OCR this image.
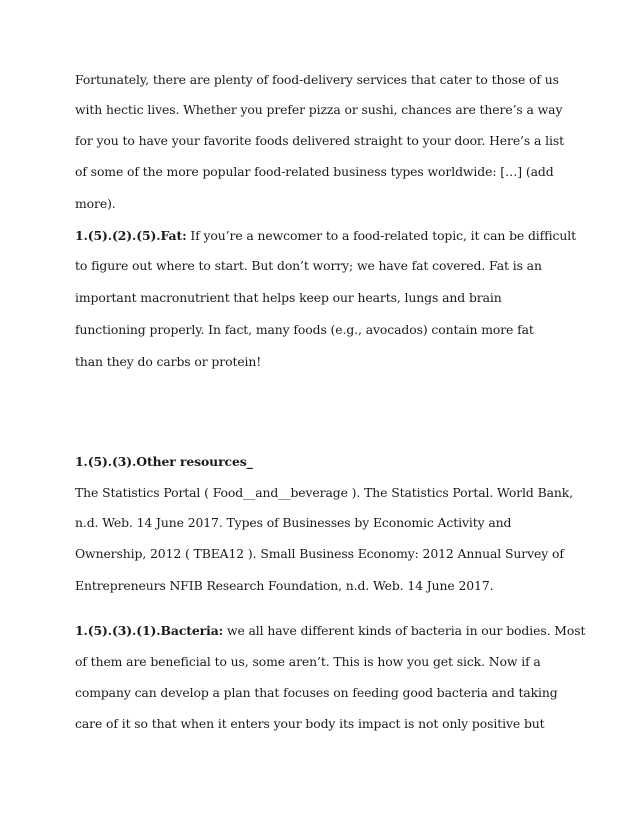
Fortunately, there are plenty of food-delivery services that cater to those of us
with hectic lives. Whether you prefer pizza or sushi, chances are there’s a way
for you to have your favorite foods delivered straight to your door. Here’s a list
of some of the more popular food-related business types worldwide: […] (add
more).
1.(5).(2).(5).Fat: If you’re a newcomer to a food-related topic, it can be difficult
to figure out where to start. But don’t worry; we have fat covered. Fat is an
important macronutrient that helps keep our hearts, lungs and brain
functioning properly. In fact, many foods (e.g., avocados) contain more fat
than they do carbs or protein!
1.(5).(3).Other resources_
The Statistics Portal ( Food__and__beverage ). The Statistics Portal. World Bank,
n.d. Web. 14 June 2017. Types of Businesses by Economic Activity and
Ownership, 2012 ( TBEA12 ). Small Business Economy: 2012 Annual Survey of
Entrepreneurs NFIB Research Foundation, n.d. Web. 14 June 2017.
1.(5).(3).(1).Bacteria: we all have different kinds of bacteria in our bodies. Most
of them are beneficial to us, some aren’t. This is how you get sick. Now if a
company can develop a plan that focuses on feeding good bacteria and taking
care of it so that when it enters your body its impact is not only positive but
